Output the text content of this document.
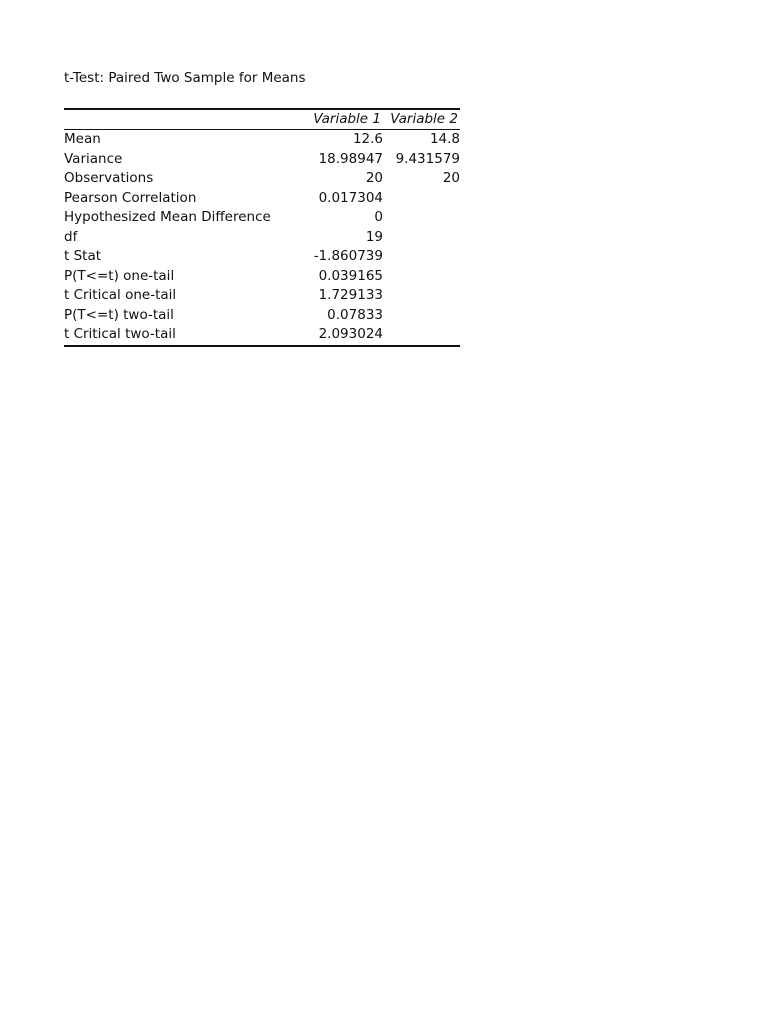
t-Test: Paired Two Sample for Means
	Variable 1	Variable 2
Mean	12.6	14.8
Variance	18.98947	9.431579
Observations	20	20
Pearson Correlation	0.017304	
Hypothesized Mean Difference	0	
df	19	
t Stat	-1.860739	
P(T<=t) one-tail	0.039165	
t Critical one-tail	1.729133	
P(T<=t) two-tail	0.07833	
t Critical two-tail	2.093024	
